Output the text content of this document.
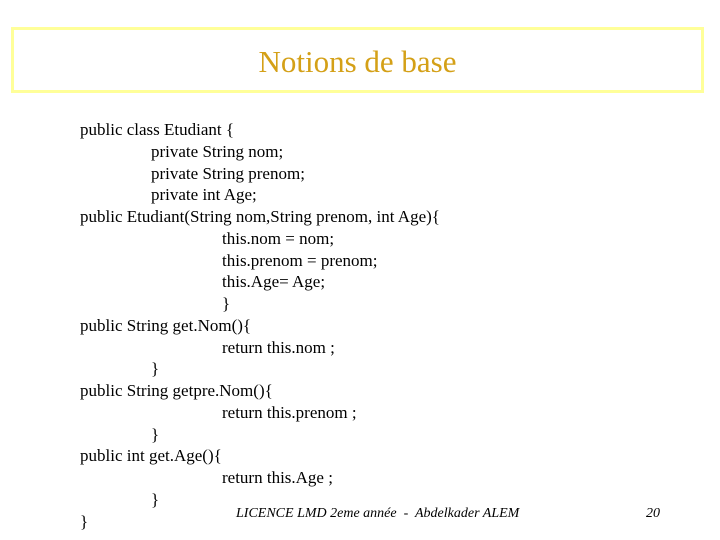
Notions de base
public class Etudiant {
private String nom;
private String prenom;
private int Age;
public Etudiant(String nom,String prenom, int Age){
this.nom = nom;
this.prenom = prenom;
this.Age= Age;
}
public String get.Nom(){
return this.nom ;
}
public String getpre.Nom(){
return this.prenom ;
}
public int get.Age(){
return this.Age ;
}
}	LICENCE LMD 2eme année  -  Abdelkader ALEM	20
